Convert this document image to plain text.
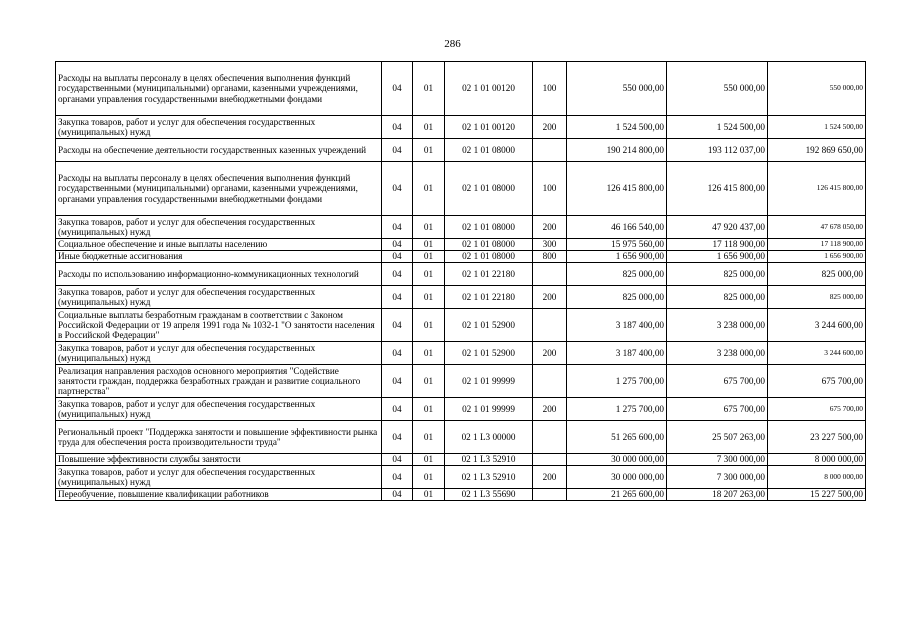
286
Расходы на выплаты персоналу в целях обеспечения выполнения функций государственными (муниципальными) органами, казенными учреждениями, органами управления государственными внебюджетными фондами	04	01	02 1 01 00120	100	550 000,00	550 000,00	550 000,00
Закупка товаров, работ и услуг для обеспечения государственных (муниципальных) нужд	04	01	02 1 01 00120	200	1 524 500,00	1 524 500,00	1 524 500,00
Расходы на обеспечение деятельности государственных казенных учреждений	04	01	02 1 01 08000		190 214 800,00	193 112 037,00	192 869 650,00
Расходы на выплаты персоналу в целях обеспечения выполнения функций государственными (муниципальными) органами, казенными учреждениями, органами управления государственными внебюджетными фондами	04	01	02 1 01 08000	100	126 415 800,00	126 415 800,00	126 415 800,00
Закупка товаров, работ и услуг для обеспечения государственных (муниципальных) нужд	04	01	02 1 01 08000	200	46 166 540,00	47 920 437,00	47 678 050,00
Социальное обеспечение и иные выплаты населению	04	01	02 1 01 08000	300	15 975 560,00	17 118 900,00	17 118 900,00
Иные бюджетные ассигнования	04	01	02 1 01 08000	800	1 656 900,00	1 656 900,00	1 656 900,00
Расходы по использованию информационно-коммуникационных технологий	04	01	02 1 01 22180		825 000,00	825 000,00	825 000,00
Закупка товаров, работ и услуг для обеспечения государственных (муниципальных) нужд	04	01	02 1 01 22180	200	825 000,00	825 000,00	825 000,00
Социальные выплаты безработным гражданам в соответствии с Законом Российской Федерации от 19 апреля 1991 года № 1032-1 "О занятости населения в Российской Федерации"	04	01	02 1 01 52900		3 187 400,00	3 238 000,00	3 244 600,00
Закупка товаров, работ и услуг для обеспечения государственных (муниципальных) нужд	04	01	02 1 01 52900	200	3 187 400,00	3 238 000,00	3 244 600,00
Реализация направления расходов основного мероприятия "Содействие занятости граждан, поддержка безработных граждан и развитие социального партнерства"	04	01	02 1 01 99999		1 275 700,00	675 700,00	675 700,00
Закупка товаров, работ и услуг для обеспечения государственных (муниципальных) нужд	04	01	02 1 01 99999	200	1 275 700,00	675 700,00	675 700,00
Региональный проект "Поддержка занятости и повышение эффективности рынка труда для обеспечения роста производительности труда"	04	01	02 1 L3 00000		51 265 600,00	25 507 263,00	23 227 500,00
Повышение эффективности службы занятости	04	01	02 1 L3 52910		30 000 000,00	7 300 000,00	8 000 000,00
Закупка товаров, работ и услуг для обеспечения государственных (муниципальных) нужд	04	01	02 1 L3 52910	200	30 000 000,00	7 300 000,00	8 000 000,00
Переобучение, повышение квалификации работников	04	01	02 1 L3 55690		21 265 600,00	18 207 263,00	15 227 500,00
